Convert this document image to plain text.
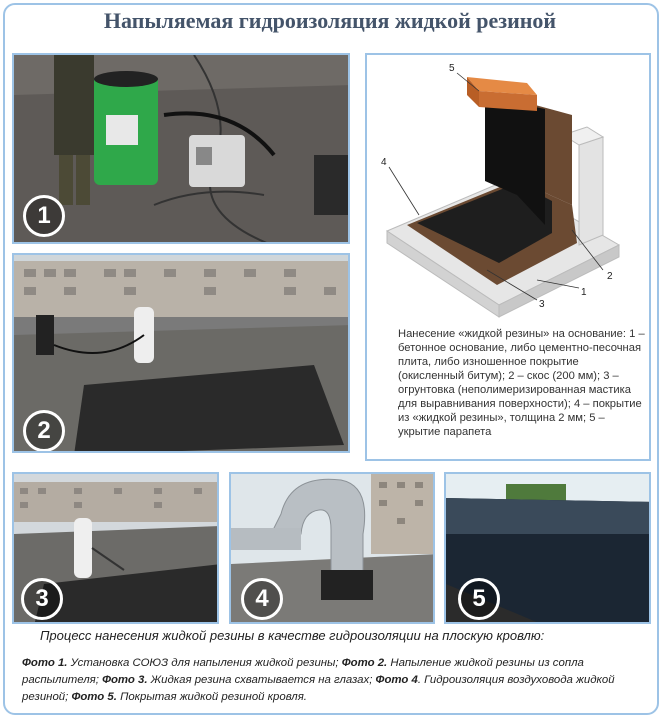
Напыляемая гидроизоляция жидкой резиной
1
2
5
4
2
1
3
Нанесение «жидкой резины» на основание: 1 – бетонное основание, либо цементно-песочная плита, либо изношенное покрытие (окисленный битум); 2 – скос (200 мм); 3 – огрунтовка (неполимеризированная мастика для выравнивания поверхности); 4 – покрытие из «жидкой резины», толщина 2 мм; 5 – укрытие парапета
3	4	5
Процесс нанесения жидкой резины в качестве гидроизоляции на плоскую кровлю:
Фото 1. Установка СОЮЗ для напыления жидкой резины; Фото 2. Напыление жидкой резины из сопла распылителя; Фото 3. Жидкая резина схватывается на глазах; Фото 4. Гидроизоляция воздуховода жидкой резиной; Фото 5. Покрытая жидкой резиной кровля.
